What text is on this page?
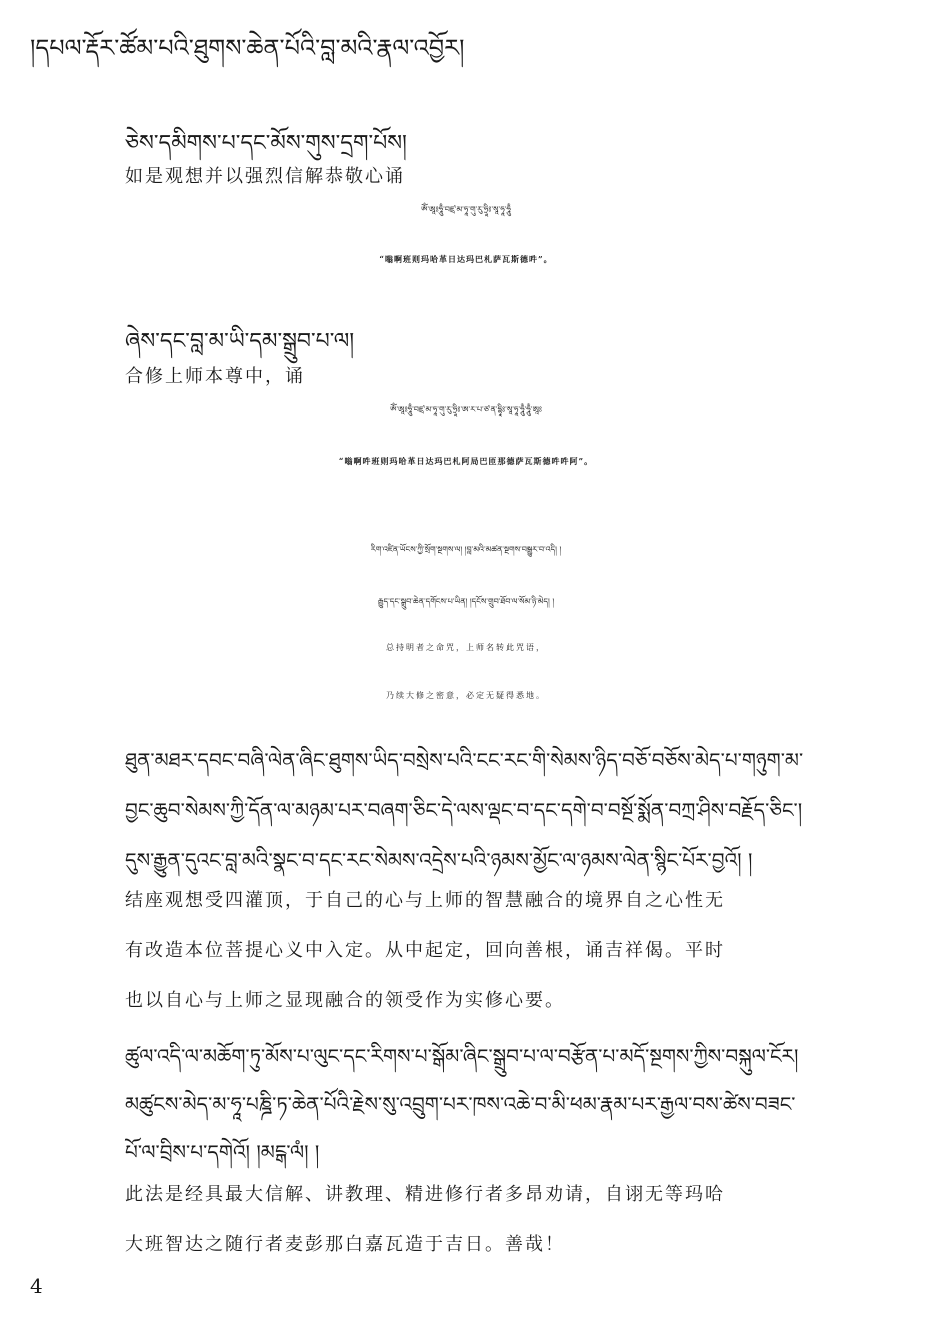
།དཔལ་རྡོར་ཚོམ་པའི་ཐུགས་ཆེན་པོའི་བླ་མའི་རྣལ་འབྱོར།
ཅེས་དམིགས་པ་དང་མོས་གུས་དྲག་པོས།
如是观想并以强烈信解恭敬心诵
ཨོཾ་ཨཱཿཧཱུྃ་བཛྲ་མ་ཧཱ་གུ་རུ་ཧྲཱིཿ་སཱ་ཧཱ་ཧཱུྃ
“嗡啊班则玛哈革日达玛巴札萨瓦斯德吽”。
ཞེས་དང་བླ་མ་ཡི་དམ་སྒྲུབ་པ་ལ།
合修上师本尊中，诵
ཨོཾ་ཨཱཿཧཱུྃ་བཛྲ་མ་ཧཱ་གུ་རུ་ཧྲཱིཿ་ཨ་ར་པ་ཙ་ན་དྷཱིཿ་སཱ་ཧཱ་ཧཱུྃ་ཧཱུྃ་ཨཱཿ
“嗡啊吽班则玛哈革日达玛巴札阿局巴匝那德萨瓦斯德吽吽阿”。
རིག་འཛིན་ཡོངས་ཀྱི་སྲོག་སྔགས་ལ། །བླ་མའི་མཚན་སྔགས་བསྒྱུར་བ་འདི། །
རྒྱུད་དང་སྒྲུབ་ཆེན་དགོངས་པ་ཡིན། །དངོས་གྲུབ་ཐོབ་ལ་སོམ་ཉི་མེད། །
总持明者之命咒，上师名转此咒语，
乃续大修之密意，必定无疑得悉地。
ཐུན་མཐར་དབང་བཞི་ལེན་ཞིང་ཐུགས་ཡིད་བསྲེས་པའི་ངང་རང་གི་སེམས་ཉིད་བཅོ་བཅོས་མེད་པ་གཉུག་མ་
བྱང་ཆུབ་སེམས་ཀྱི་དོན་ལ་མཉམ་པར་བཞག་ཅིང་དེ་ལས་ལྡང་བ་དང་དགེ་བ་བསྔོ་སྨོན་བཀྲ་ཤིས་བརྗོད་ཅིང་།
དུས་རྒྱུན་དུའང་བླ་མའི་སྣང་བ་དང་རང་སེམས་འདྲེས་པའི་ཉམས་མྱོང་ལ་ཉམས་ལེན་སྙིང་པོར་བྱའོ། །
结座观想受四灌顶，于自己的心与上师的智慧融合的境界自之心性无
有改造本位菩提心义中入定。从中起定，回向善根，诵吉祥偈。平时
也以自心与上师之显现融合的领受作为实修心要。
ཚུལ་འདི་ལ་མཆོག་ཏུ་མོས་པ་ལུང་དང་རིགས་པ་སྒོམ་ཞིང་སྒྲུབ་པ་ལ་བརྩོན་པ་མདོ་སྔགས་ཀྱིས་བསྐུལ་ངོར།
མཚུངས་མེད་མ་ཧཱ་པཎྜི་ཏ་ཆེན་པོའི་རྗེས་སུ་འབྲུག་པར་ཁས་འཆེ་བ་མི་ཕམ་རྣམ་པར་རྒྱལ་བས་ཚེས་བཟང་
པོ་ལ་བྲིས་པ་དགེའོ། །མངྒ་ལཾ། །
此法是经具最大信解、讲教理、精进修行者多昂劝请，自诩无等玛哈
大班智达之随行者麦彭那白嘉瓦造于吉日。善哉！
4
